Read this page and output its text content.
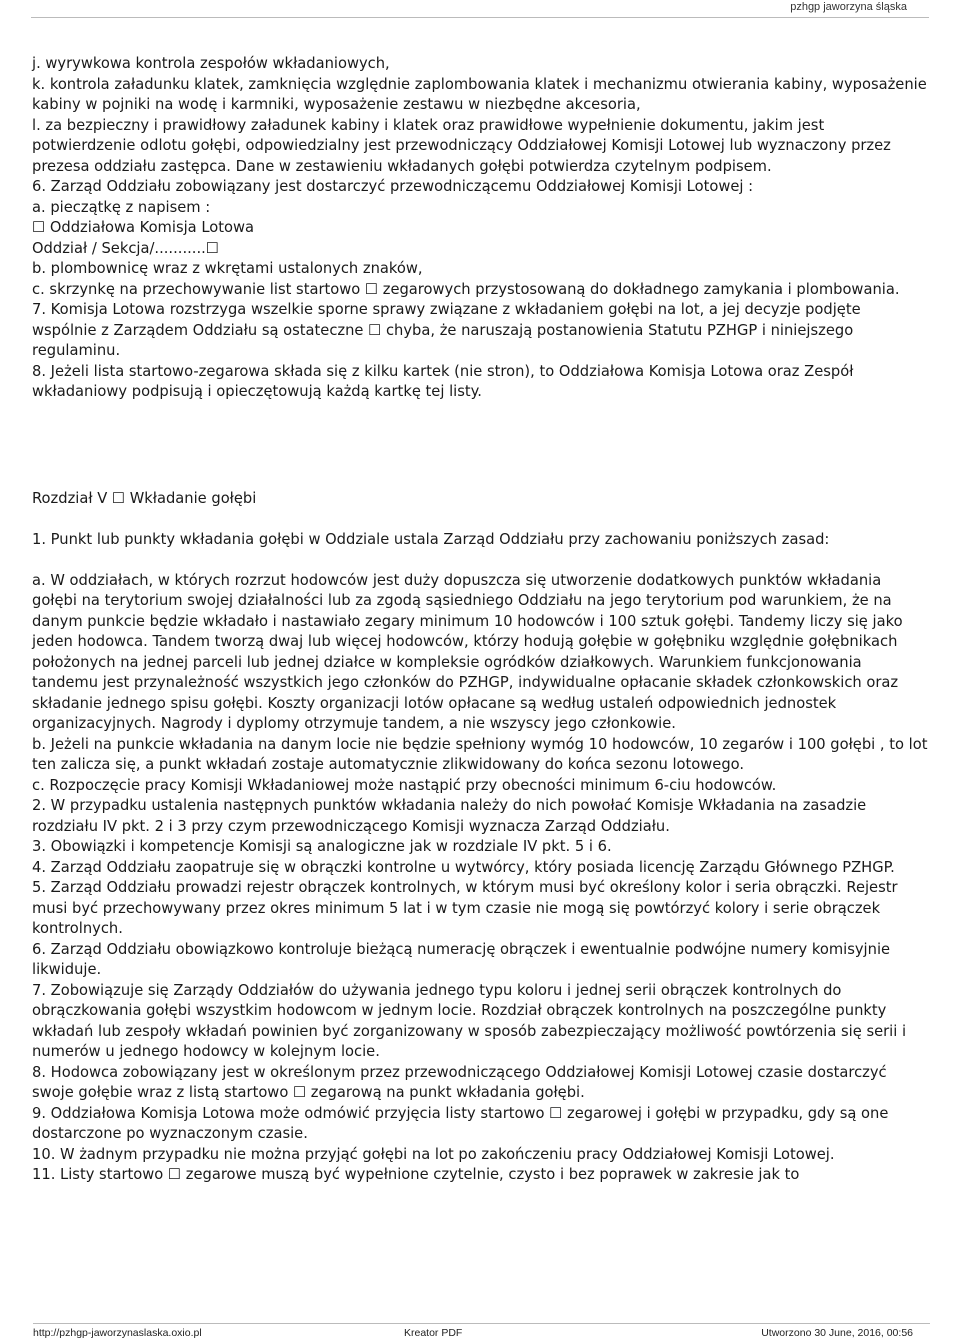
pzhgp jaworzyna śląska

j. wyrywkowa kontrola zespołów wkładaniowych,

k. kontrola załadunku klatek, zamknięcia względnie zaplombowania klatek i mechanizmu otwierania kabiny, wyposażenie kabiny w pojniki na wodę i karmniki, wyposażenie zestawu w niezbędne akcesoria,

l. za bezpieczny i prawidłowy załadunek kabiny i klatek oraz prawidłowe wypełnienie dokumentu, jakim jest potwierdzenie odlotu gołębi, odpowiedzialny jest przewodniczący Oddziałowej Komisji Lotowej lub wyznaczony przez prezesa oddziału zastępca. Dane w zestawieniu wkładanych gołębi potwierdza czytelnym podpisem.

6. Zarząd Oddziału zobowiązany jest dostarczyć przewodniczącemu Oddziałowej Komisji Lotowej :

a. pieczątkę z napisem :

☐ Oddziałowa Komisja Lotowa

Oddział / Sekcja/...........☐

b. plombownicę wraz z wkrętami ustalonych znaków,

c. skrzynkę na przechowywanie list startowo ☐ zegarowych przystosowaną do dokładnego zamykania i plombowania.

7. Komisja Lotowa rozstrzyga wszelkie sporne sprawy związane z wkładaniem gołębi na lot, a jej decyzje podjęte wspólnie z Zarządem Oddziału są ostateczne ☐ chyba, że naruszają postanowienia Statutu PZHGP i niniejszego regulaminu.

8. Jeżeli lista startowo-zegarowa składa się z kilku kartek (nie stron), to Oddziałowa Komisja Lotowa oraz Zespół wkładaniowy podpisują i opieczętowują każdą kartkę tej listy.

Rozdział V ☐ Wkładanie gołębi

1. Punkt lub punkty wkładania gołębi w Oddziale ustala Zarząd Oddziału przy zachowaniu poniższych zasad:

a. W oddziałach, w których rozrzut hodowców jest duży dopuszcza się utworzenie dodatkowych punktów wkładania gołębi na terytorium swojej działalności lub za zgodą sąsiedniego Oddziału na jego terytorium pod warunkiem, że na danym punkcie będzie wkładało i nastawiało zegary minimum 10 hodowców i 100 sztuk gołębi. Tandemy liczy się jako jeden hodowca. Tandem tworzą dwaj lub więcej hodowców, którzy hodują gołębie w gołębniku względnie gołębnikach położonych na jednej parceli lub jednej działce w kompleksie ogródków działkowych. Warunkiem funkcjonowania tandemu jest przynależność wszystkich jego członków do PZHGP, indywidualne opłacanie składek członkowskich oraz składanie jednego spisu gołębi. Koszty organizacji lotów opłacane są według ustaleń odpowiednich jednostek organizacyjnych. Nagrody i dyplomy otrzymuje tandem, a nie wszyscy jego członkowie.

b. Jeżeli na punkcie wkładania na danym locie nie będzie spełniony wymóg 10 hodowców, 10 zegarów i 100 gołębi , to lot ten zalicza się, a punkt wkładań zostaje automatycznie zlikwidowany do końca sezonu lotowego.

c. Rozpoczęcie pracy Komisji Wkładaniowej może nastąpić przy obecności minimum 6-ciu hodowców.

2. W przypadku ustalenia następnych punktów wkładania należy do nich powołać Komisje Wkładania na zasadzie rozdziału IV pkt. 2 i 3 przy czym przewodniczącego Komisji wyznacza Zarząd Oddziału.

3. Obowiązki i kompetencje Komisji są analogiczne jak w rozdziale IV pkt. 5 i 6.

4. Zarząd Oddziału zaopatruje się w obrączki kontrolne u wytwórcy, który posiada licencję Zarządu Głównego PZHGP.

5. Zarząd Oddziału prowadzi rejestr obrączek kontrolnych, w którym musi być określony kolor i seria obrączki. Rejestr musi być przechowywany przez okres minimum 5 lat i w tym czasie nie mogą się powtórzyć kolory i serie obrączek kontrolnych.

6. Zarząd Oddziału obowiązkowo kontroluje bieżącą numerację obrączek i ewentualnie podwójne numery komisyjnie likwiduje.

7. Zobowiązuje się Zarządy Oddziałów do używania jednego typu koloru i jednej serii obrączek kontrolnych do obrączkowania gołębi wszystkim hodowcom w jednym locie. Rozdział obrączek kontrolnych na poszczególne punkty wkładań lub zespoły wkładań powinien być zorganizowany w sposób zabezpieczający możliwość powtórzenia się serii i numerów u jednego hodowcy w kolejnym locie.

8. Hodowca zobowiązany jest w określonym przez przewodniczącego Oddziałowej Komisji Lotowej czasie dostarczyć swoje gołębie wraz z listą startowo ☐ zegarową na punkt wkładania gołębi.

9. Oddziałowa Komisja Lotowa może odmówić przyjęcia listy startowo ☐ zegarowej i gołębi w przypadku, gdy są one dostarczone po wyznaczonym czasie.

10. W żadnym przypadku nie można przyjąć gołębi na lot po zakończeniu pracy Oddziałowej Komisji Lotowej.

11. Listy startowo ☐ zegarowe muszą być wypełnione czytelnie, czysto i bez poprawek w zakresie jak to

http://pzhgp-jaworzynaslaska.oxio.pl	Kreator PDF	Utworzono 30 June, 2016, 00:56
